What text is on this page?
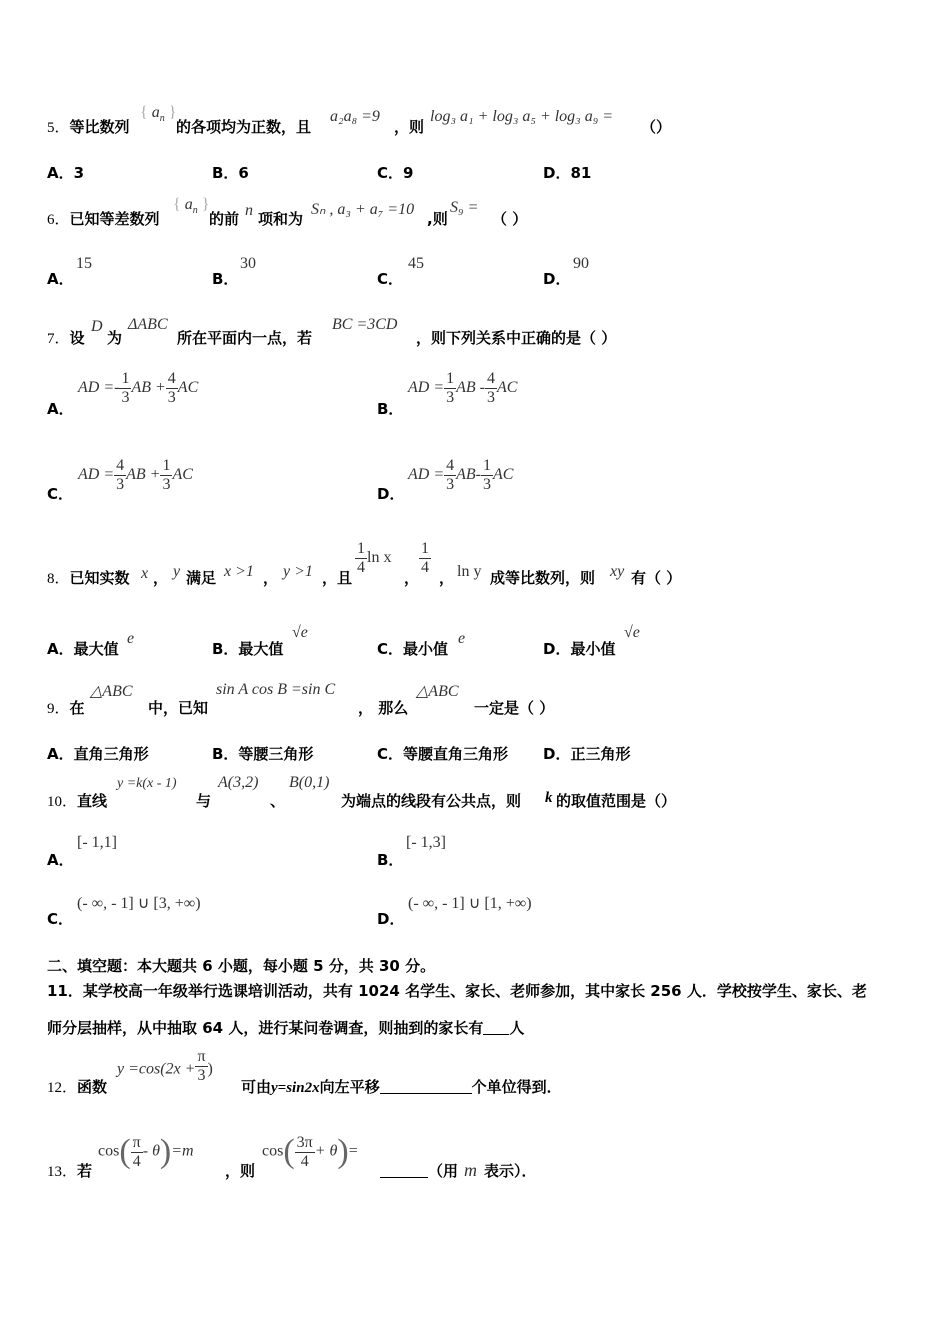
5．等比数列
{ $a_n$ }
的各项均为正数，且
a₂a₈ =9
，则
log₃ a₁ + log₃ a₅ + log₃ a₉ =
（）
A．3	B．6	C．9	D．81
6．已知等差数列
{ $a_n$ }
的前 n 项和为
Sₙ , a₃ + a₇ =10
,则
S₉ =
（ ）
A．
15
B．
30
C．
45
D．
90
7．设
D
为
ΔABC
所在平面内一点，若
BC =3CD
，则下列关系中正确的是（ ）
A．
AD =- $\frac{1}{3}$ AB + $\frac{4}{3}$ AC
B．
AD = $\frac{1}{3}$ AB - $\frac{4}{3}$ AC
C．
AD = $\frac{4}{3}$ AB + $\frac{1}{3}$ AC
D．
AD = $\frac{4}{3} AB- \frac{1}{3}$ AC
8．已知实数 x ， y 满足 x >1 ， y >1 ，且
$\frac{1}{4}$ ln x
，
$\frac{1}{4}$
， ln y 成等比数列，则 xy 有（ ）
A．最大值
e
B．最大值
√e
C．最小值
e
D．最小值
√e
9．在
△ABC
中，已知
sin A cos B =sin C
， 那么
△ABC
一定是（ ）
A．直角三角形	B．等腰三角形	C．等腰直角三角形 D．正三角形
10．直线
y =k(x - 1)
与
A(3,2)
、
B(0,1)
为端点的线段有公共点，则 k 的取值范围是（）
A．
[- 1,1]
B．
[- 1,3]
C．
(- ∞, - 1] ∪ [3, +∞)
D．
(- ∞, - 1] ∪ [1, +∞)
二、填空题：本大题共 6 小题，每小题 5 分，共 30 分。
11．某学校高一年级举行选课培训活动，共有 1024 名学生、家长、老师参加，其中家长 256 人．学校按学生、家长、老
师分层抽样，从中抽取 64 人，进行某问卷调查，则抽到的家长有 人
12．函数
$y =\cos(2x + \frac{\pi}{3}$ )
可由y=sin2x向左平移	个单位得到．
13．若
$\cos( \frac{\pi}{4} - \theta)=m$
，则
$\cos( \frac{3\pi}{4} + \theta)=$
（用 m 表示）．
